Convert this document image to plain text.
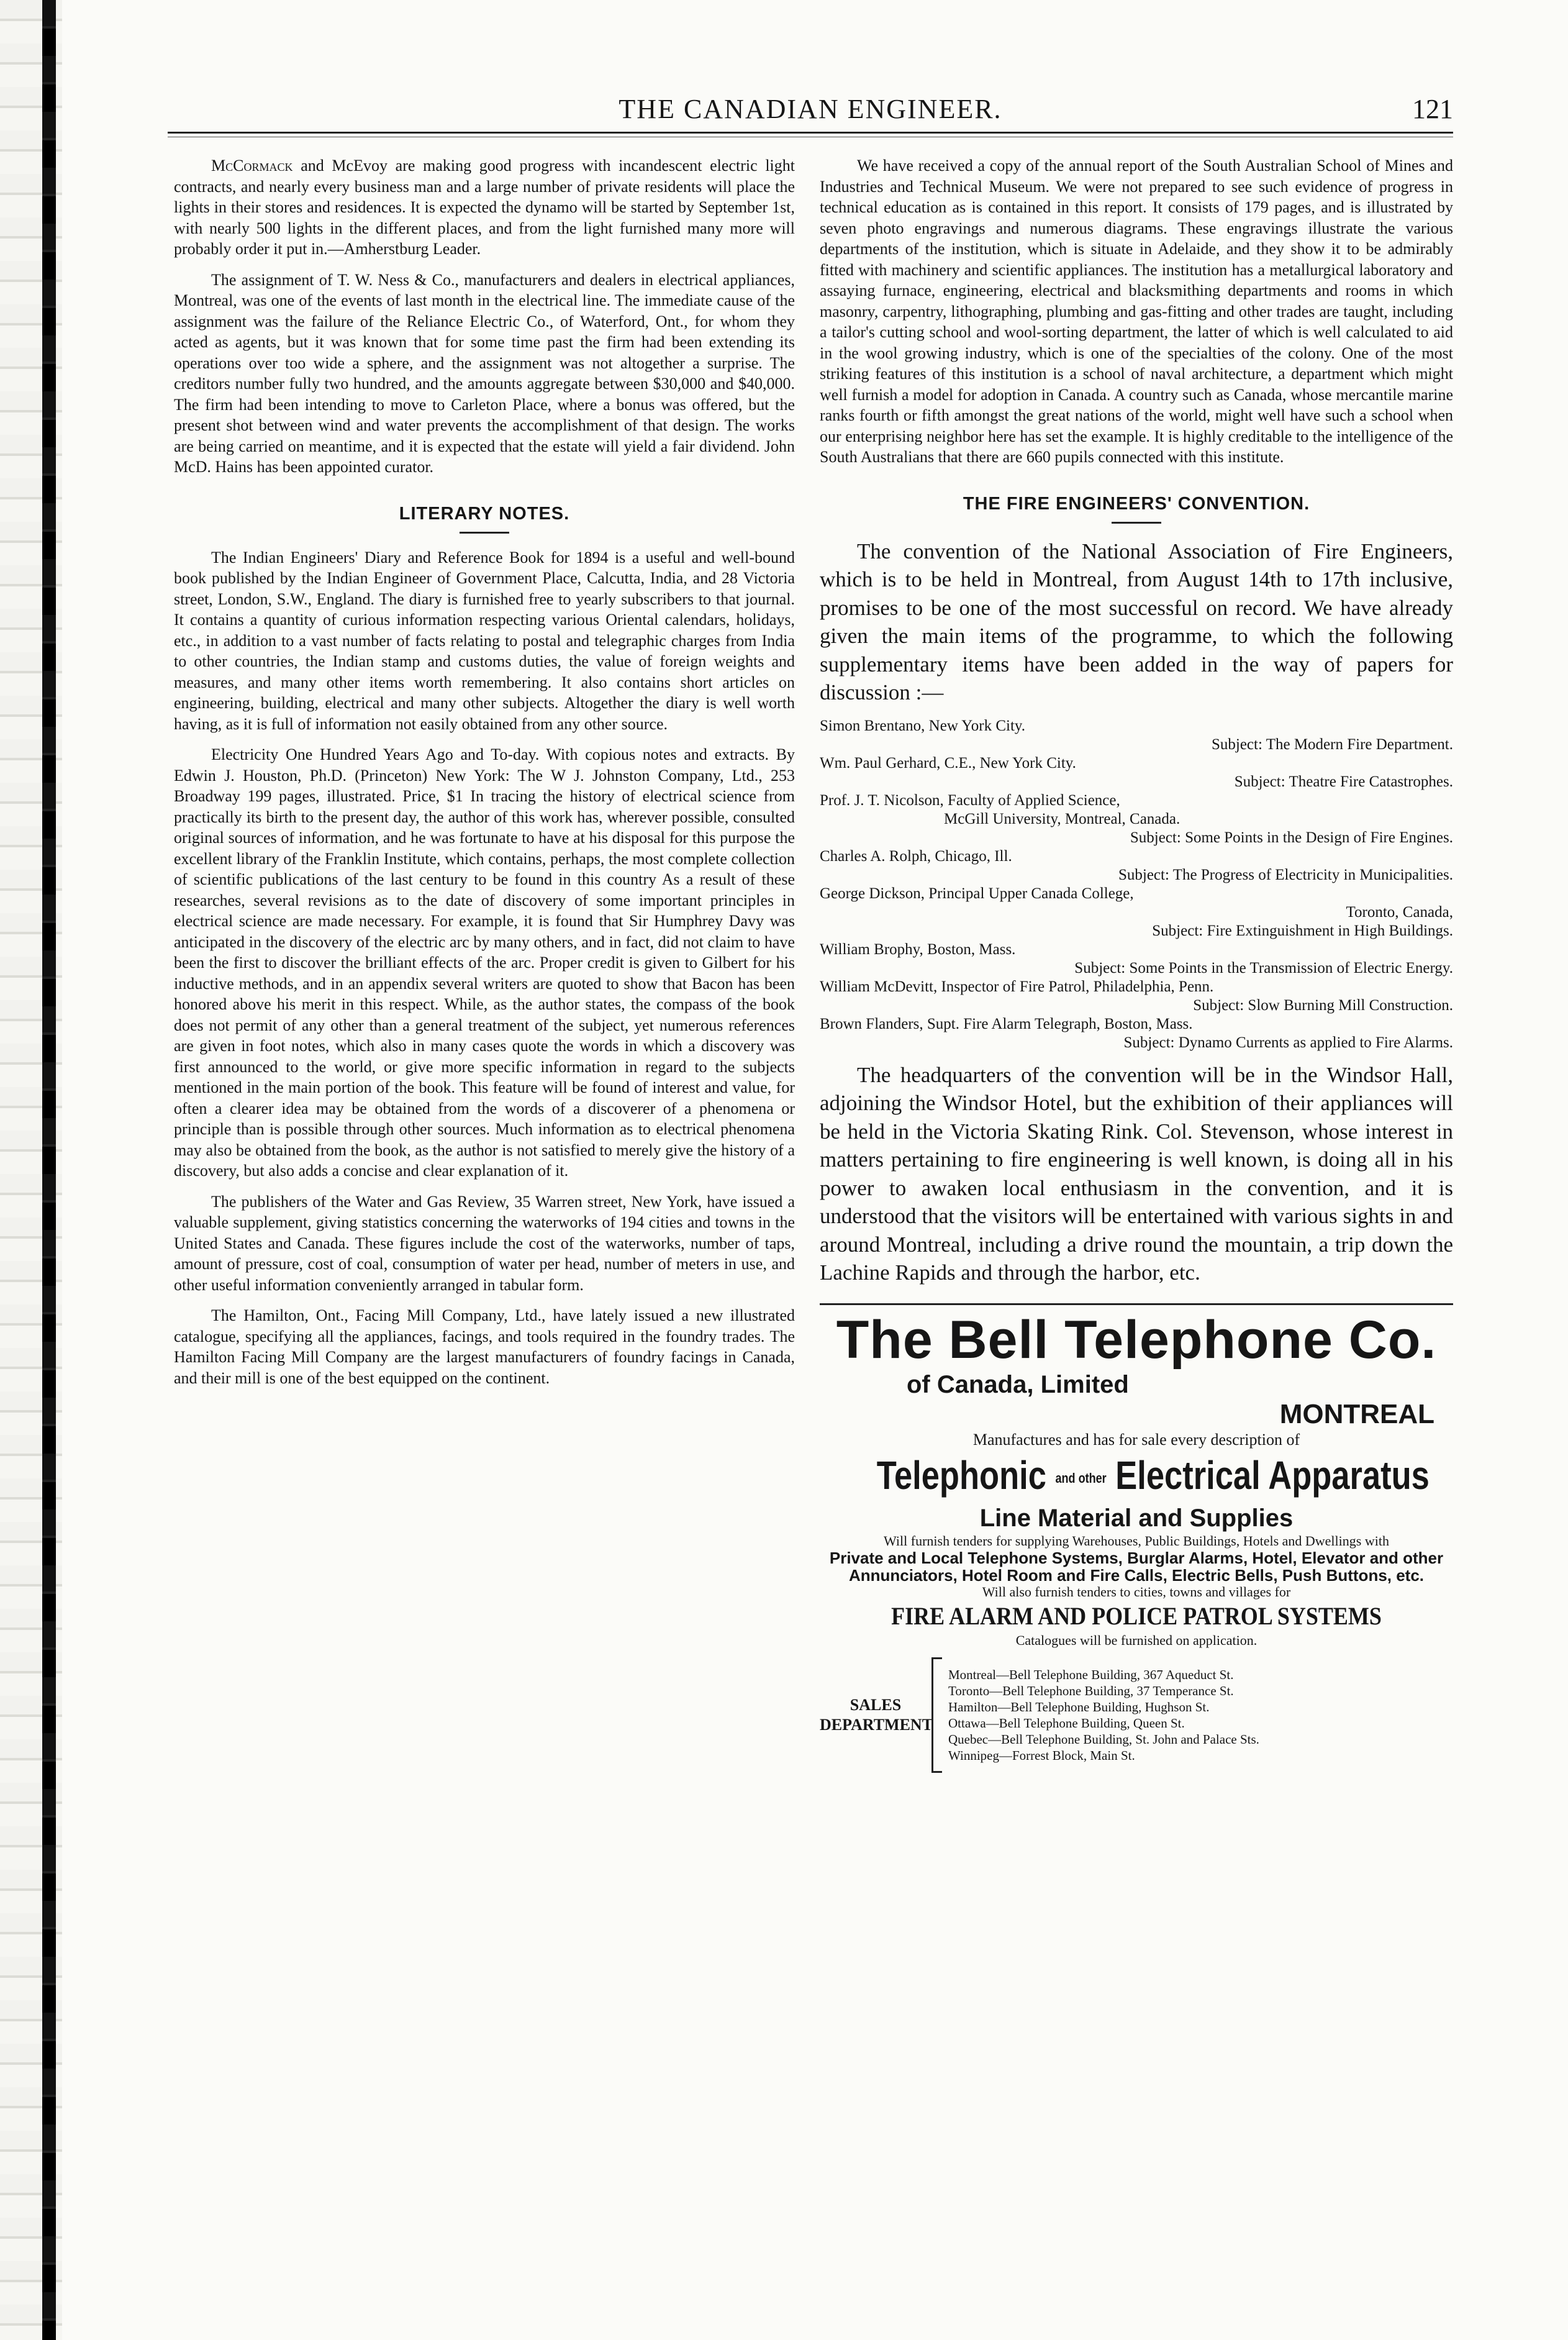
THE CANADIAN ENGINEER.	121

McCormack and McEvoy are making good progress with incandescent electric light contracts, and nearly every business man and a large number of private residents will place the lights in their stores and residences. It is expected the dynamo will be started by September 1st, with nearly 500 lights in the different places, and from the light furnished many more will probably order it put in.—Amherstburg Leader.

The assignment of T. W. Ness & Co., manufacturers and dealers in electrical appliances, Montreal, was one of the events of last month in the electrical line. The immediate cause of the assignment was the failure of the Reliance Electric Co., of Waterford, Ont., for whom they acted as agents, but it was known that for some time past the firm had been extending its operations over too wide a sphere, and the assignment was not altogether a surprise. The creditors number fully two hundred, and the amounts aggregate between $30,000 and $40,000. The firm had been intending to move to Carleton Place, where a bonus was offered, but the present shot between wind and water prevents the accomplishment of that design. The works are being carried on meantime, and it is expected that the estate will yield a fair dividend. John McD. Hains has been appointed curator.

LITERARY NOTES.

The Indian Engineers' Diary and Reference Book for 1894 is a useful and well-bound book published by the Indian Engineer of Government Place, Calcutta, India, and 28 Victoria street, London, S.W., England. The diary is furnished free to yearly subscribers to that journal. It contains a quantity of curious information respecting various Oriental calendars, holidays, etc., in addition to a vast number of facts relating to postal and telegraphic charges from India to other countries, the Indian stamp and customs duties, the value of foreign weights and measures, and many other items worth remembering. It also contains short articles on engineering, building, electrical and many other subjects. Altogether the diary is well worth having, as it is full of information not easily obtained from any other source.

Electricity One Hundred Years Ago and To-day. With copious notes and extracts. By Edwin J. Houston, Ph.D. (Princeton) New York: The W J. Johnston Company, Ltd., 253 Broadway 199 pages, illustrated. Price, $1 In tracing the history of electrical science from practically its birth to the present day, the author of this work has, wherever possible, consulted original sources of information, and he was fortunate to have at his disposal for this purpose the excellent library of the Franklin Institute, which contains, perhaps, the most complete collection of scientific publications of the last century to be found in this country As a result of these researches, several revisions as to the date of discovery of some important principles in electrical science are made necessary. For example, it is found that Sir Humphrey Davy was anticipated in the discovery of the electric arc by many others, and in fact, did not claim to have been the first to discover the brilliant effects of the arc. Proper credit is given to Gilbert for his inductive methods, and in an appendix several writers are quoted to show that Bacon has been honored above his merit in this respect. While, as the author states, the compass of the book does not permit of any other than a general treatment of the subject, yet numerous references are given in foot notes, which also in many cases quote the words in which a discovery was first announced to the world, or give more specific information in regard to the subjects mentioned in the main portion of the book. This feature will be found of interest and value, for often a clearer idea may be obtained from the words of a discoverer of a phenomena or principle than is possible through other sources. Much information as to electrical phenomena may also be obtained from the book, as the author is not satisfied to merely give the history of a discovery, but also adds a concise and clear explanation of it.

The publishers of the Water and Gas Review, 35 Warren street, New York, have issued a valuable supplement, giving statistics concerning the waterworks of 194 cities and towns in the United States and Canada. These figures include the cost of the waterworks, number of taps, amount of pressure, cost of coal, consumption of water per head, number of meters in use, and other useful information conveniently arranged in tabular form.

The Hamilton, Ont., Facing Mill Company, Ltd., have lately issued a new illustrated catalogue, specifying all the appliances, facings, and tools required in the foundry trades. The Hamilton Facing Mill Company are the largest manufacturers of foundry facings in Canada, and their mill is one of the best equipped on the continent.

We have received a copy of the annual report of the South Australian School of Mines and Industries and Technical Museum. We were not prepared to see such evidence of progress in technical education as is contained in this report. It consists of 179 pages, and is illustrated by seven photo engravings and numerous diagrams. These engravings illustrate the various departments of the institution, which is situate in Adelaide, and they show it to be admirably fitted with machinery and scientific appliances. The institution has a metallurgical laboratory and assaying furnace, engineering, electrical and blacksmithing departments and rooms in which masonry, carpentry, lithographing, plumbing and gas-fitting and other trades are taught, including a tailor's cutting school and wool-sorting department, the latter of which is well calculated to aid in the wool growing industry, which is one of the specialties of the colony. One of the most striking features of this institution is a school of naval architecture, a department which might well furnish a model for adoption in Canada. A country such as Canada, whose mercantile marine ranks fourth or fifth amongst the great nations of the world, might well have such a school when our enterprising neighbor here has set the example. It is highly creditable to the intelligence of the South Australians that there are 660 pupils connected with this institute.

THE FIRE ENGINEERS' CONVENTION.

The convention of the National Association of Fire Engineers, which is to be held in Montreal, from August 14th to 17th inclusive, promises to be one of the most successful on record. We have already given the main items of the programme, to which the following supplementary items have been added in the way of papers for discussion :—

Simon Brentano, New York City.
Subject: The Modern Fire Department.
Wm. Paul Gerhard, C.E., New York City.
Subject: Theatre Fire Catastrophes.
Prof. J. T. Nicolson, Faculty of Applied Science,
McGill University, Montreal, Canada.
Subject: Some Points in the Design of Fire Engines.
Charles A. Rolph, Chicago, Ill.
Subject: The Progress of Electricity in Municipalities.
George Dickson, Principal Upper Canada College,
Toronto, Canada,
Subject: Fire Extinguishment in High Buildings.
William Brophy, Boston, Mass.
Subject: Some Points in the Transmission of Electric Energy.
William McDevitt, Inspector of Fire Patrol, Philadelphia, Penn.
Subject: Slow Burning Mill Construction.
Brown Flanders, Supt. Fire Alarm Telegraph, Boston, Mass.
Subject: Dynamo Currents as applied to Fire Alarms.

The headquarters of the convention will be in the Windsor Hall, adjoining the Windsor Hotel, but the exhibition of their appliances will be held in the Victoria Skating Rink. Col. Stevenson, whose interest in matters pertaining to fire engineering is well known, is doing all in his power to awaken local enthusiasm in the convention, and it is understood that the visitors will be entertained with various sights in and around Montreal, including a drive round the mountain, a trip down the Lachine Rapids and through the harbor, etc.

The Bell Telephone Co.
of Canada, Limited
MONTREAL
Manufactures and has for sale every description of
Telephonic and other Electrical Apparatus
Line Material and Supplies
Will furnish tenders for supplying Warehouses, Public Buildings, Hotels and Dwellings with
Private and Local Telephone Systems, Burglar Alarms, Hotel, Elevator and other Annunciators, Hotel Room and Fire Calls, Electric Bells, Push Buttons, etc.
Will also furnish tenders to cities, towns and villages for
FIRE ALARM AND POLICE PATROL SYSTEMS
Catalogues will be furnished on application.
SALES DEPARTMENT
Montreal—Bell Telephone Building, 367 Aqueduct St.
Toronto—Bell Telephone Building, 37 Temperance St.
Hamilton—Bell Telephone Building, Hughson St.
Ottawa—Bell Telephone Building, Queen St.
Quebec—Bell Telephone Building, St. John and Palace Sts.
Winnipeg—Forrest Block, Main St.
